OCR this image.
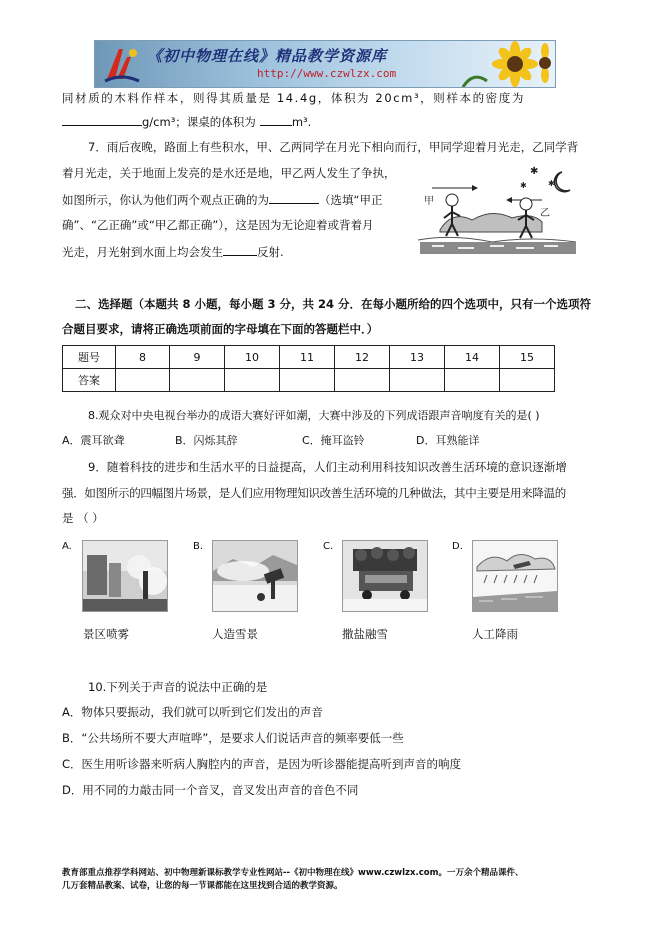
《初中物理在线》精品教学资源库
http://www.czwlzx.com
同材质的木料作样本，则得其质量是 14.4g，体积为 20cm³，则样本的密度为
g/cm³；课桌的体积为	m³.
7．雨后夜晚，路面上有些积水，甲、乙两同学在月光下相向而行，甲同学迎着月光走，乙同学背
着月光走，关于地面上发亮的是水还是地，甲乙两人发生了争执，
如图所示，你认为他们两个观点正确的为	（选填“甲正
确”、“乙正确”或“甲乙都正确”），这是因为无论迎着或背着月
光走，月光射到水面上均会发生	反射.
✱
✱
✱
甲
乙
二、选择题（本题共 8 小题，每小题 3 分，共 24 分．在每小题所给的四个选项中，只有一个选项符
合题目要求，请将正确选项前面的字母填在下面的答题栏中．）
题号	8	9	10	11	12	13	14	15
答案								
8.观众对中央电视台举办的成语大赛好评如潮，大赛中涉及的下列成语跟声音响度有关的是( )
A．震耳欲聋	B．闪烁其辞	C．掩耳盗铃	D．耳熟能详
9．随着科技的进步和生活水平的日益提高，人们主动利用科技知识改善生活环境的意识逐渐增
强．如图所示的四幅图片场景，是人们应用物理知识改善生活环境的几种做法，其中主要是用来降温的
是 （ ）
A.	B.	C.	D.
景区喷雾	人造雪景	撒盐融雪	人工降雨
10.下列关于声音的说法中正确的是
A．物体只要振动，我们就可以听到它们发出的声音
B．“公共场所不要大声喧哗”，是要求人们说话声音的频率要低一些
C．医生用听诊器来听病人胸腔内的声音，是因为听诊器能提高听到声音的响度
D．用不同的力敲击同一个音叉，音叉发出声音的音色不同
教育部重点推荐学科网站、初中物理新课标教学专业性网站--《初中物理在线》www.czwlzx.com。一万余个精品课件、
几万套精品教案、试卷，让您的每一节课都能在这里找到合适的教学资源。
